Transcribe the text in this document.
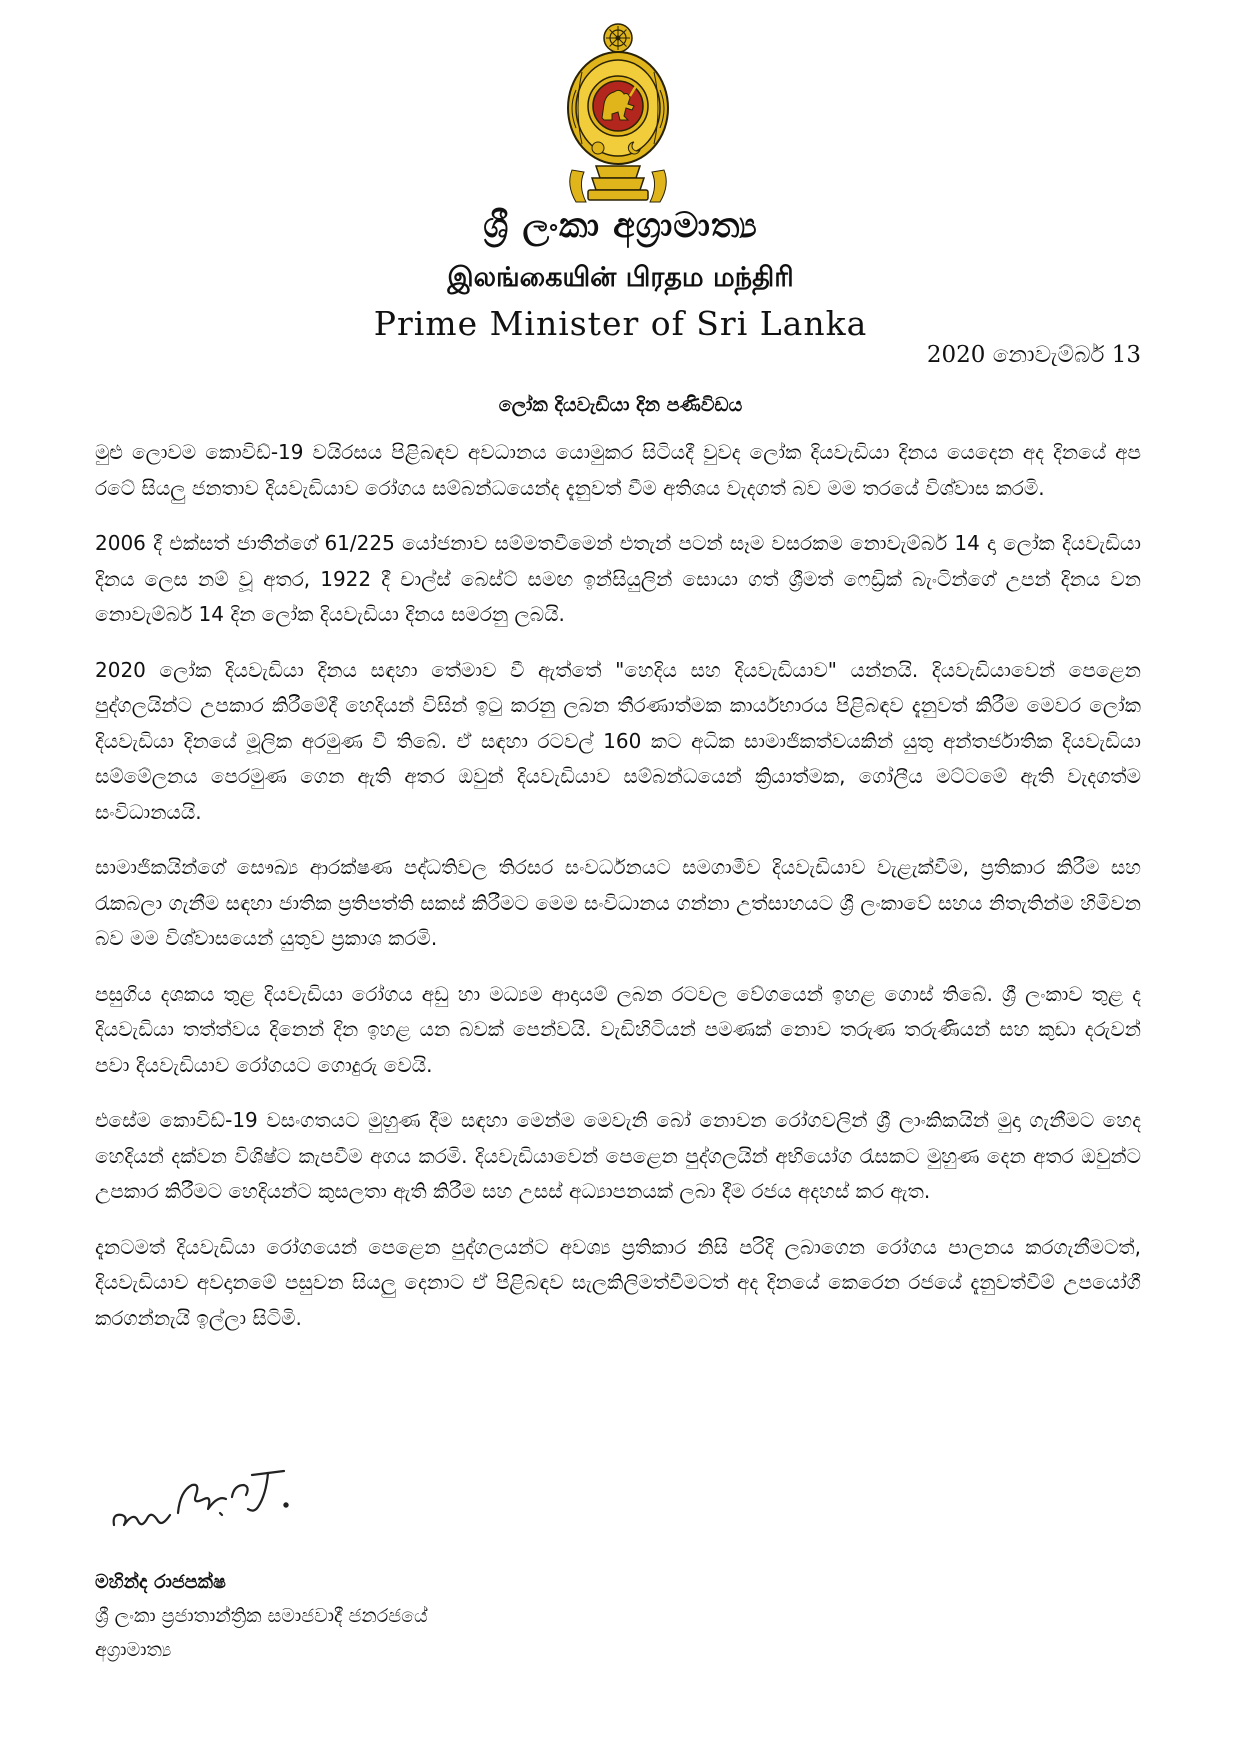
ශ්‍රී ලංකා අග්‍රාමාත්‍ය
இலங்கையின் பிரதம மந்திரி
Prime Minister of Sri Lanka
2020 නොවැම්බර් 13
ලෝක දියවැඩියා දින පණිවිඩය

මුළු ලොවම කොවිඩ්-19 වයිරසය පිළිබඳව අවධානය යොමුකර සිටියදී වුවද ලෝක දියවැඩියා දිනය යෙදෙන අද දිනයේ අප රටේ සියලු ජනතාව දියවැඩියාව රෝගය සම්බන්ධයෙන්ද දැනුවත් වීම අතිශය වැදගත් බව මම තරයේ විශ්වාස කරමි.

2006 දී එක්සත් ජාතීන්ගේ 61/225 යෝජනාව සම්මතවීමෙන් එතැන් පටන් සෑම වසරකම නොවැම්බර් 14 දා ලෝක දියවැඩියා දිනය ලෙස නම් වූ අතර, 1922 දී චාල්ස් බෙස්ට් සමඟ ඉන්සියුලින් සොයා ගත් ශ්‍රීමත් ෆෙඩ්‍රික් බැංටින්ගේ උපන් දිනය වන නොවැම්බර් 14 දින ලෝක දියවැඩියා දිනය සමරනු ලබයි.

2020 ලෝක දියවැඩියා දිනය සඳහා තේමාව වී ඇත්තේ "හෙදිය සහ දියවැඩියාව" යන්නයි. දියවැඩියාවෙන් පෙළෙන පුද්ගලයින්ට උපකාර කිරීමේදී හෙදියන් විසින් ඉටු කරනු ලබන තීරණාත්මක කාර්යභාරය පිළිබඳව දැනුවත් කිරීම මෙවර ලෝක දියවැඩියා දිනයේ මූලික අරමුණ වී තිබේ. ඒ සඳහා රටවල් 160 කට අධික සාමාජිකත්වයකින් යුතු අන්තර්ජාතික දියවැඩියා සම්මේලනය පෙරමුණ ගෙන ඇති අතර ඔවුන් දියවැඩියාව සම්බන්ධයෙන් ක්‍රියාත්මක, ගෝලීය මට්ටමේ ඇති වැදගත්ම සංවිධානයයි.

සාමාජිකයින්ගේ සෞඛ්‍ය ආරක්ෂණ පද්ධතිවල තිරසර සංවර්ධනයට සමගාමීව දියවැඩියාව වැළැක්වීම, ප්‍රතිකාර කිරීම සහ රැකබලා ගැනීම සඳහා ජාතික ප්‍රතිපත්ති සකස් කිරීමට මෙම සංවිධානය ගන්නා උත්සාහයට ශ්‍රී ලංකාවේ සහය නිතැතින්ම හිමිවන බව මම විශ්වාසයෙන් යුතුව ප්‍රකාශ කරමි.

පසුගිය දශකය තුළ දියවැඩියා රෝගය අඩු හා මධ්‍යම ආදායම් ලබන රටවල වේගයෙන් ඉහළ ගොස් තිබේ. ශ්‍රී ලංකාව තුළ ද දියවැඩියා තත්ත්වය දිනෙන් දින ඉහළ යන බවක් පෙන්වයි. වැඩිහිටියන් පමණක් නොව තරුණ තරුණියන් සහ කුඩා දරුවන් පවා දියවැඩියාව රෝගයට ගොදුරු වෙයි.

එසේම කොවිඩ්-19 වසංගතයට මුහුණ දීම සඳහා මෙන්ම මෙවැනි බෝ නොවන රෝගවලින් ශ්‍රී ලාංකිකයින් මුදා ගැනීමට හෙද හෙදියන් දක්වන විශිෂ්ට කැපවීම අගය කරමි. දියවැඩියාවෙන් පෙළෙන පුද්ගලයින් අභියෝග රැසකට මුහුණ දෙන අතර ඔවුන්ට උපකාර කිරීමට හෙදියන්ට කුසලතා ඇති කිරීම සහ උසස් අධ්‍යාපනයක් ලබා දීම රජය අදහස් කර ඇත.

දැනටමත් දියවැඩියා රෝගයෙන් පෙළෙන පුද්ගලයන්ට අවශ්‍ය ප්‍රතිකාර නිසි පරිදි ලබාගෙන රෝගය පාලනය කරගැනීමටත්, දියවැඩියාව අවදානමේ පසුවන සියලු දෙනාට ඒ පිළිබඳව සැලකිලිමත්වීමටත් අද දිනයේ කෙරෙන රජයේ දැනුවත්වීම් උපයෝගී කරගන්නැයි ඉල්ලා සිටිමි.

මහින්ද රාජපක්ෂ
ශ්‍රී ලංකා ප්‍රජාතාන්ත්‍රික සමාජවාදී ජනරජයේ
අග්‍රාමාත්‍ය
